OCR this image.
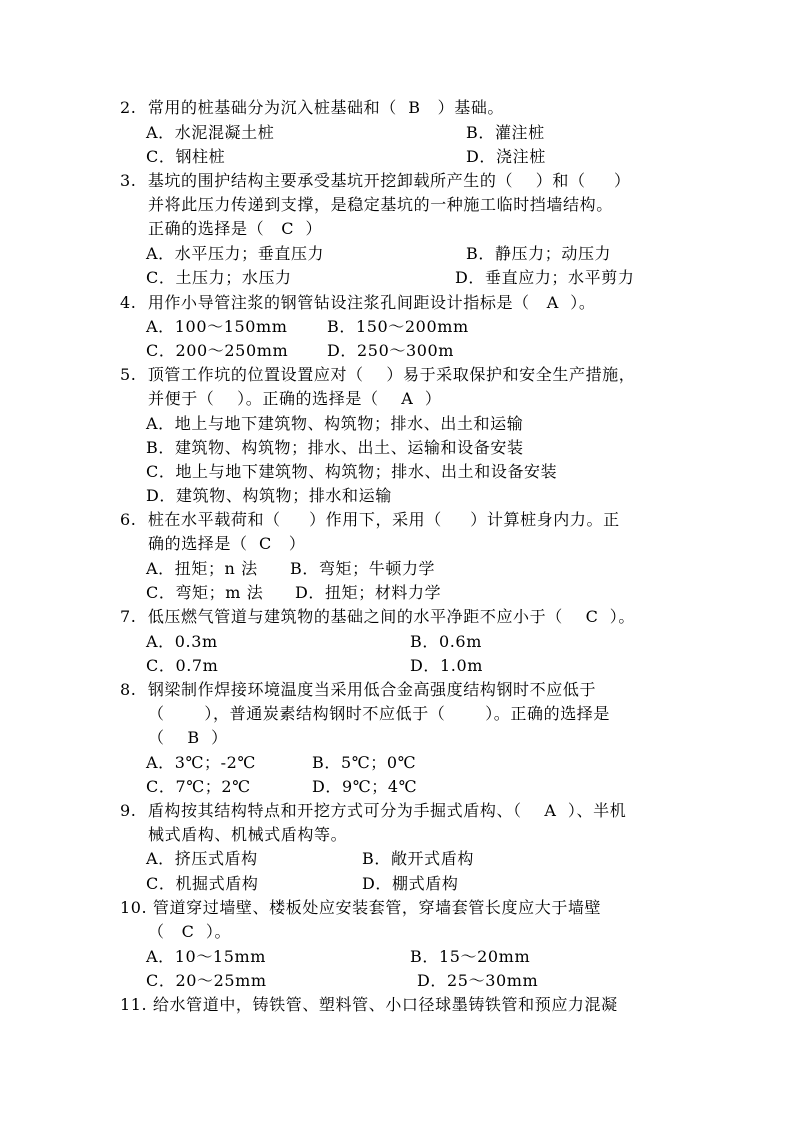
2.  常用的桩基础分为沉入桩基础和（  B   ）基础。
A．水泥混凝土桩	B．灌注桩
C．钢柱桩	D．浇注桩
3.  基坑的围护结构主要承受基坑开挖卸载所产生的（    ）和（     ）
并将此压力传递到支撑，是稳定基坑的一种施工临时挡墙结构。
正确的选择是（   C  ）
A．水平压力；垂直压力	B．静压力；动压力
C．土压力；水压力	D．垂直应力；水平剪力
4.  用作小导管注浆的钢管钻设注浆孔间距设计指标是（   A  ）。
A．100～150mm B．150～200mm
C．200～250mm D．250～300m
5.  顶管工作坑的位置设置应对（    ）易于采取保护和安全生产措施，
并便于（    ）。正确的选择是（    A  ）
A．地上与地下建筑物、构筑物；排水、出土和运输
B．建筑物、构筑物；排水、出土、运输和设备安装
C．地上与地下建筑物、构筑物；排水、出土和设备安装
D．建筑物、构筑物；排水和运输
6.  桩在水平载荷和（     ）作用下，采用（     ）计算桩身内力。正
确的选择是（  C   ）
A．扭矩；n 法 B．弯矩；牛顿力学
C．弯矩；m 法 D．扭矩；材料力学
7.  低压燃气管道与建筑物的基础之间的水平净距不应小于（    C  ）。
A．0.3m	B．0.6m
C．0.7m	D．1.0m
8.  钢梁制作焊接环境温度当采用低合金高强度结构钢时不应低于
（       ），普通炭素结构钢时不应低于（       ）。正确的选择是
（    B  ）
A．3℃；-2℃	B．5℃；0℃
C．7℃；2℃	D．9℃；4℃
9.  盾构按其结构特点和开挖方式可分为手掘式盾构、（    A  ）、半机
械式盾构、机械式盾构等。
A．挤压式盾构	B．敞开式盾构
C．机掘式盾构	D．棚式盾构
10. 管道穿过墙壁、楼板处应安装套管，穿墙套管长度应大于墙壁
（   C  ）。
A．10～15mm	B．15～20mm
C．20～25mm	D．25～30mm
11. 给水管道中，铸铁管、塑料管、小口径球墨铸铁管和预应力混凝
